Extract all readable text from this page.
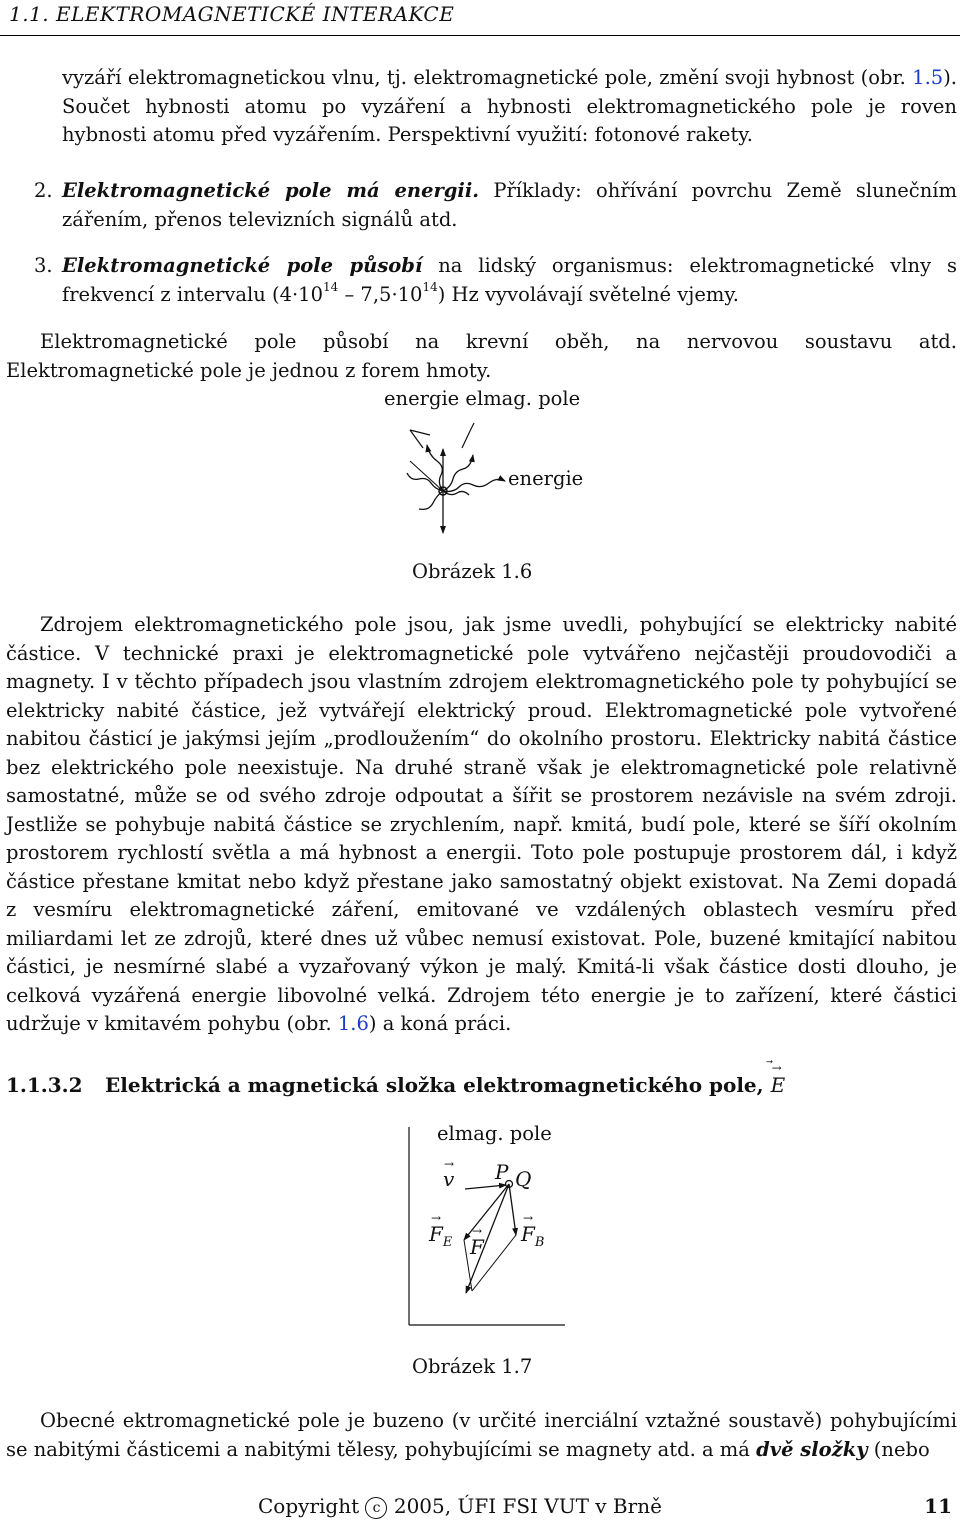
1.1. ELEKTROMAGNETICKÉ INTERAKCE
vyzáří elektromagnetickou vlnu, tj. elektromagnetické pole, změní svoji hybnost (obr. 1.5). Součet hybnosti atomu po vyzáření a hybnosti elektromagnetického pole je roven hybnosti atomu před vyzářením. Perspektivní využití: fotonové rakety.
2. Elektromagnetické pole má energii. Příklady: ohřívání povrchu Země slunečním zářením, přenos televizních signálů atd.
3. Elektromagnetické pole působí na lidský organismus: elektromagnetické vlny s frekvencí z intervalu $(4\cdot 10^{14} - 7,5\cdot 10^{14})$ Hz vyvolávají světelné vjemy.
Elektromagnetické pole působí na krevní oběh, na nervovou soustavu atd. Elektromagnetické pole je jednou z forem hmoty.
energie elmag. pole
energie
Obrázek 1.6
Zdrojem elektromagnetického pole jsou, jak jsme uvedli, pohybující se elektricky nabité částice. V technické praxi je elektromagnetické pole vytvářeno nejčastěji proudovodiči a magnety. I v těchto případech jsou vlastním zdrojem elektromagnetického pole ty pohybující se elektricky nabité částice, jež vytvářejí elektrický proud. Elektromagnetické pole vytvořené nabitou částicí je jakýmsi jejím „prodloužením“ do okolního prostoru. Elektricky nabitá částice bez elektrického pole neexistuje. Na druhé straně však je elektromagnetické pole relativně samostatné, může se od svého zdroje odpoutat a šířit se prostorem nezávisle na svém zdroji. Jestliže se pohybuje nabitá částice se zrychlením, např. kmitá, budí pole, které se šíří okolním prostorem rychlostí světla a má hybnost a energii. Toto pole postupuje prostorem dál, i když částice přestane kmitat nebo když přestane jako samostatný objekt existovat. Na Zemi dopadá z vesmíru elektromagnetické záření, emitované ve vzdálených oblastech vesmíru před miliardami let ze zdrojů, které dnes už vůbec nemusí existovat. Pole, buzené kmitající nabitou částici, je nesmírné slabé a vyzařovaný výkon je malý. Kmitá-li však částice dosti dlouho, je celková vyzářená energie libovolné velká. Zdrojem této energie je to zařízení, které částici udržuje v kmitavém pohybu (obr. 1.6) a koná práci.
1.1.3.2 Elektrická a magnetická složka elektromagnetického pole,
→
E
elmag. pole
→
v P Q
→
$F_E$
→
F
→
$F_B$
Obrázek 1.7
Obecné ektromagnetické pole je buzeno (v určité inerciální vztažné soustavě) pohybujícími se nabitými částicemi a nabitými tělesy, pohybujícími se magnety atd. a má dvě složky (nebo
Copyright c 2005, ÚFI FSI VUT v Brně	11
